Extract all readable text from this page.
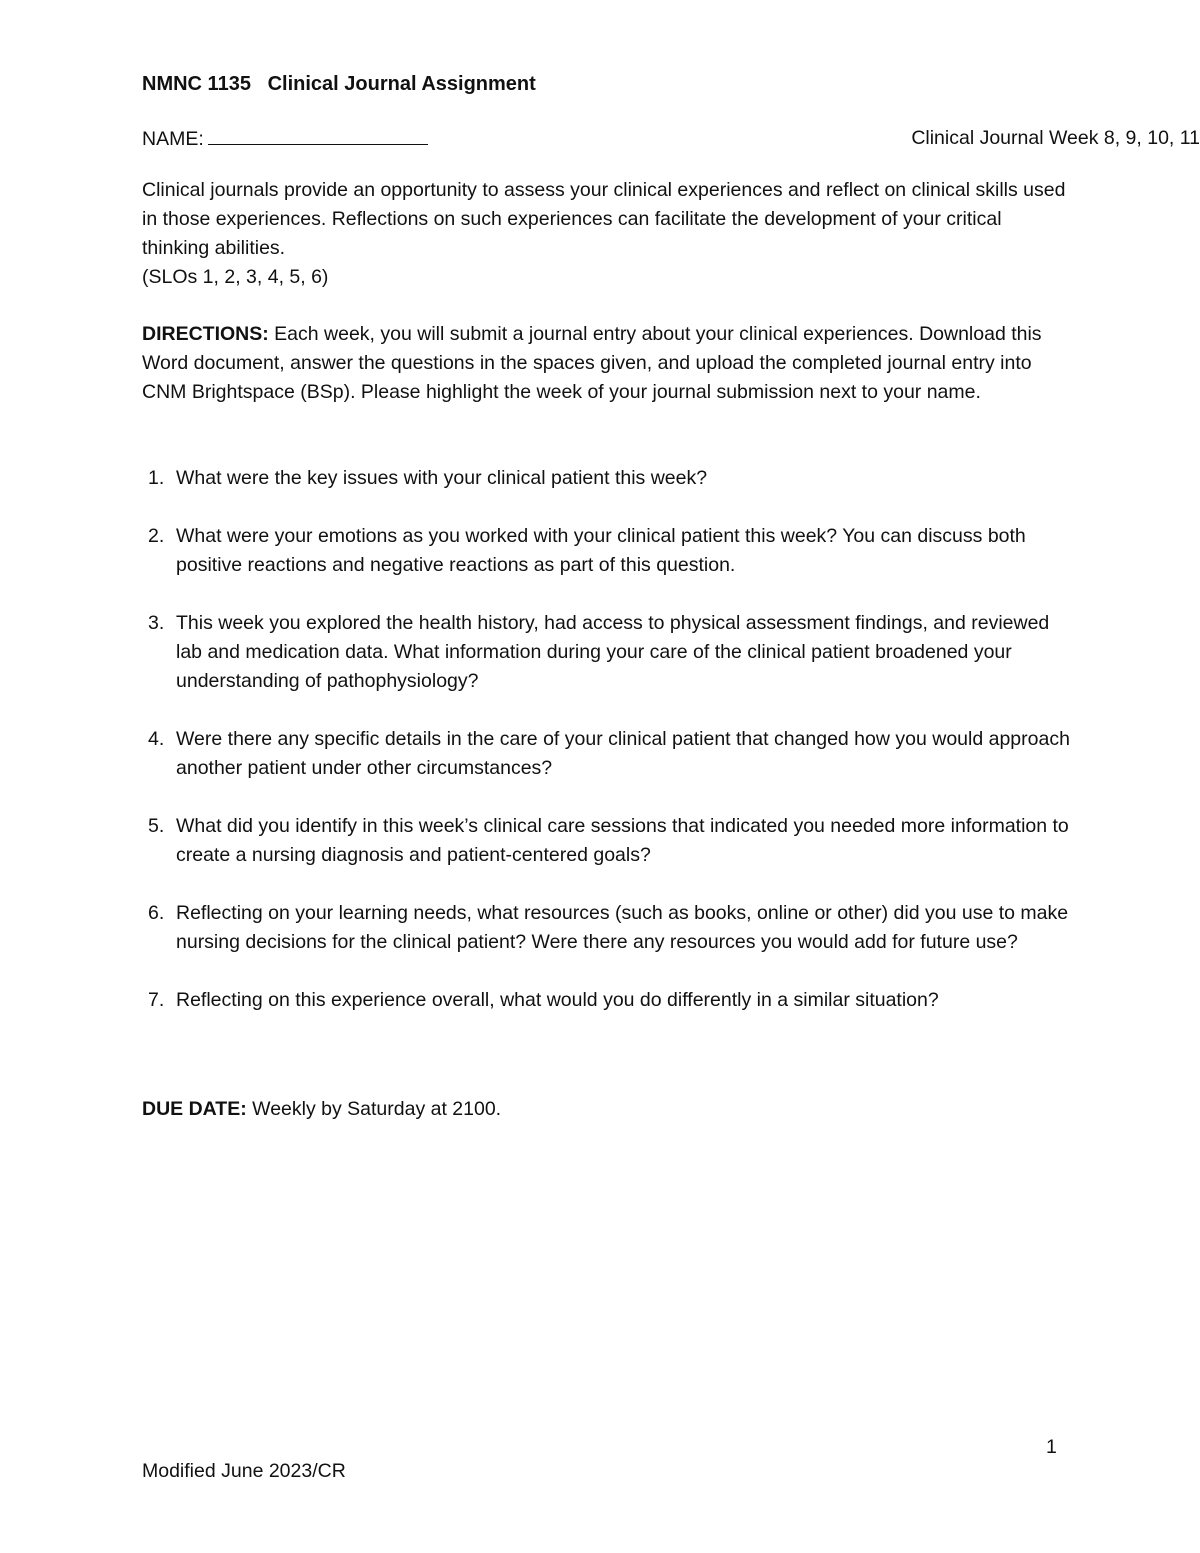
NMNC 1135   Clinical Journal Assignment
NAME:	Clinical Journal Week 8, 9, 10, 11

Clinical journals provide an opportunity to assess your clinical experiences and reflect on clinical skills used in those experiences. Reflections on such experiences can facilitate the development of your critical thinking abilities.

(SLOs 1, 2, 3, 4, 5, 6)

DIRECTIONS: Each week, you will submit a journal entry about your clinical experiences. Download this Word document, answer the questions in the spaces given, and upload the completed journal entry into CNM Brightspace (BSp). Please highlight the week of your journal submission next to your name.
1. What were the key issues with your clinical patient this week?
2. What were your emotions as you worked with your clinical patient this week? You can discuss both positive reactions and negative reactions as part of this question.
3. This week you explored the health history, had access to physical assessment findings, and reviewed lab and medication data. What information during your care of the clinical patient broadened your understanding of pathophysiology?
4. Were there any specific details in the care of your clinical patient that changed how you would approach another patient under other circumstances?
5. What did you identify in this week’s clinical care sessions that indicated you needed more information to create a nursing diagnosis and patient-centered goals?
6. Reflecting on your learning needs, what resources (such as books, online or other) did you use to make nursing decisions for the clinical patient? Were there any resources you would add for future use?
7. Reflecting on this experience overall, what would you do differently in a similar situation?
DUE DATE: Weekly by Saturday at 2100.
1
Modified June 2023/CR
